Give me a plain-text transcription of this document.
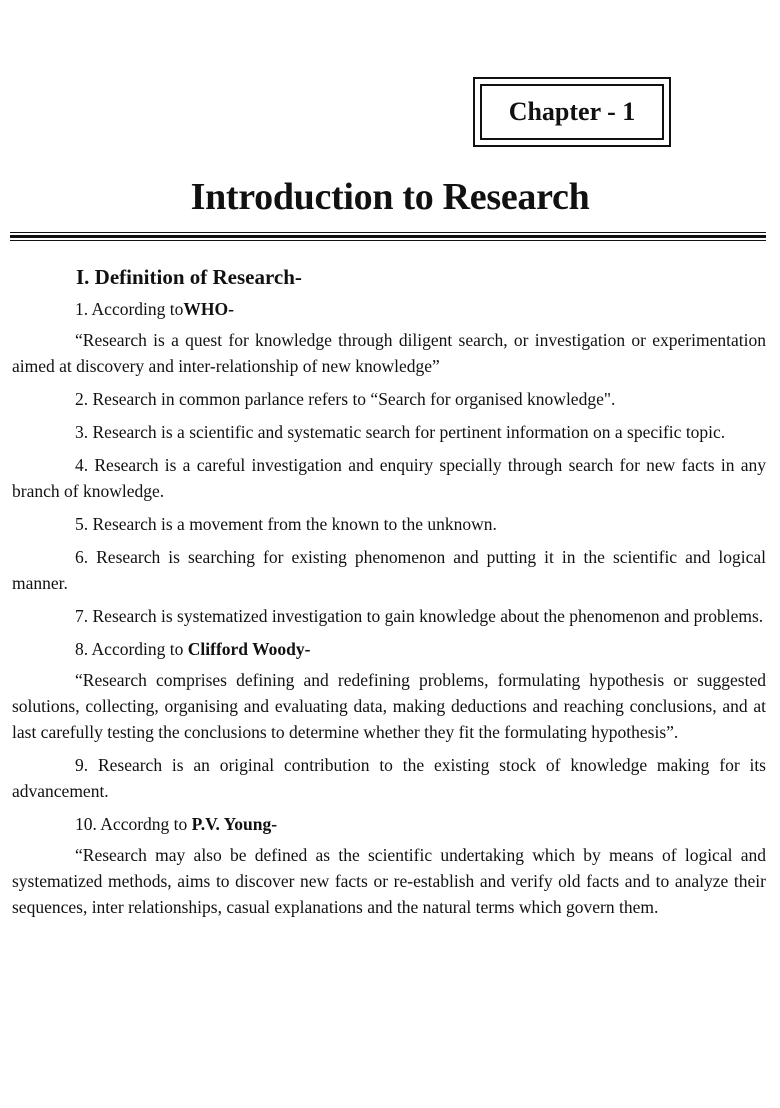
Chapter - 1
Introduction to Research
I. Definition of Research-

1. According toWHO-

“Research is a quest for knowledge through diligent search, or investigation or experimentation aimed at discovery and inter-relationship of new knowledge”

2. Research in common parlance refers to “Search for organised knowledge".

3. Research is a scientific and systematic search for pertinent information on a specific topic.

4. Research is a careful investigation and enquiry specially through search for new facts in any branch of knowledge.

5. Research is a movement from the known to the unknown.

6. Research is searching for existing phenomenon and putting it in the scientific and logical manner.

7. Research is systematized investigation to gain knowledge about the phenomenon and problems.

8. According to Clifford Woody-

“Research comprises defining and redefining problems, formulating hypothesis or suggested solutions, collecting, organising and evaluating data, making deductions and reaching conclusions, and at last carefully testing the conclusions to determine whether they fit the formulating hypothesis”.

9. Research is an original contribution to the existing stock of knowledge making for its advancement.

10. Accordng to P.V. Young-

“Research may also be defined as the scientific undertaking which by means of logical and systematized methods, aims to discover new facts or re-establish and verify old facts and to analyze their sequences, inter relationships, casual explanations and the natural terms which govern them.
